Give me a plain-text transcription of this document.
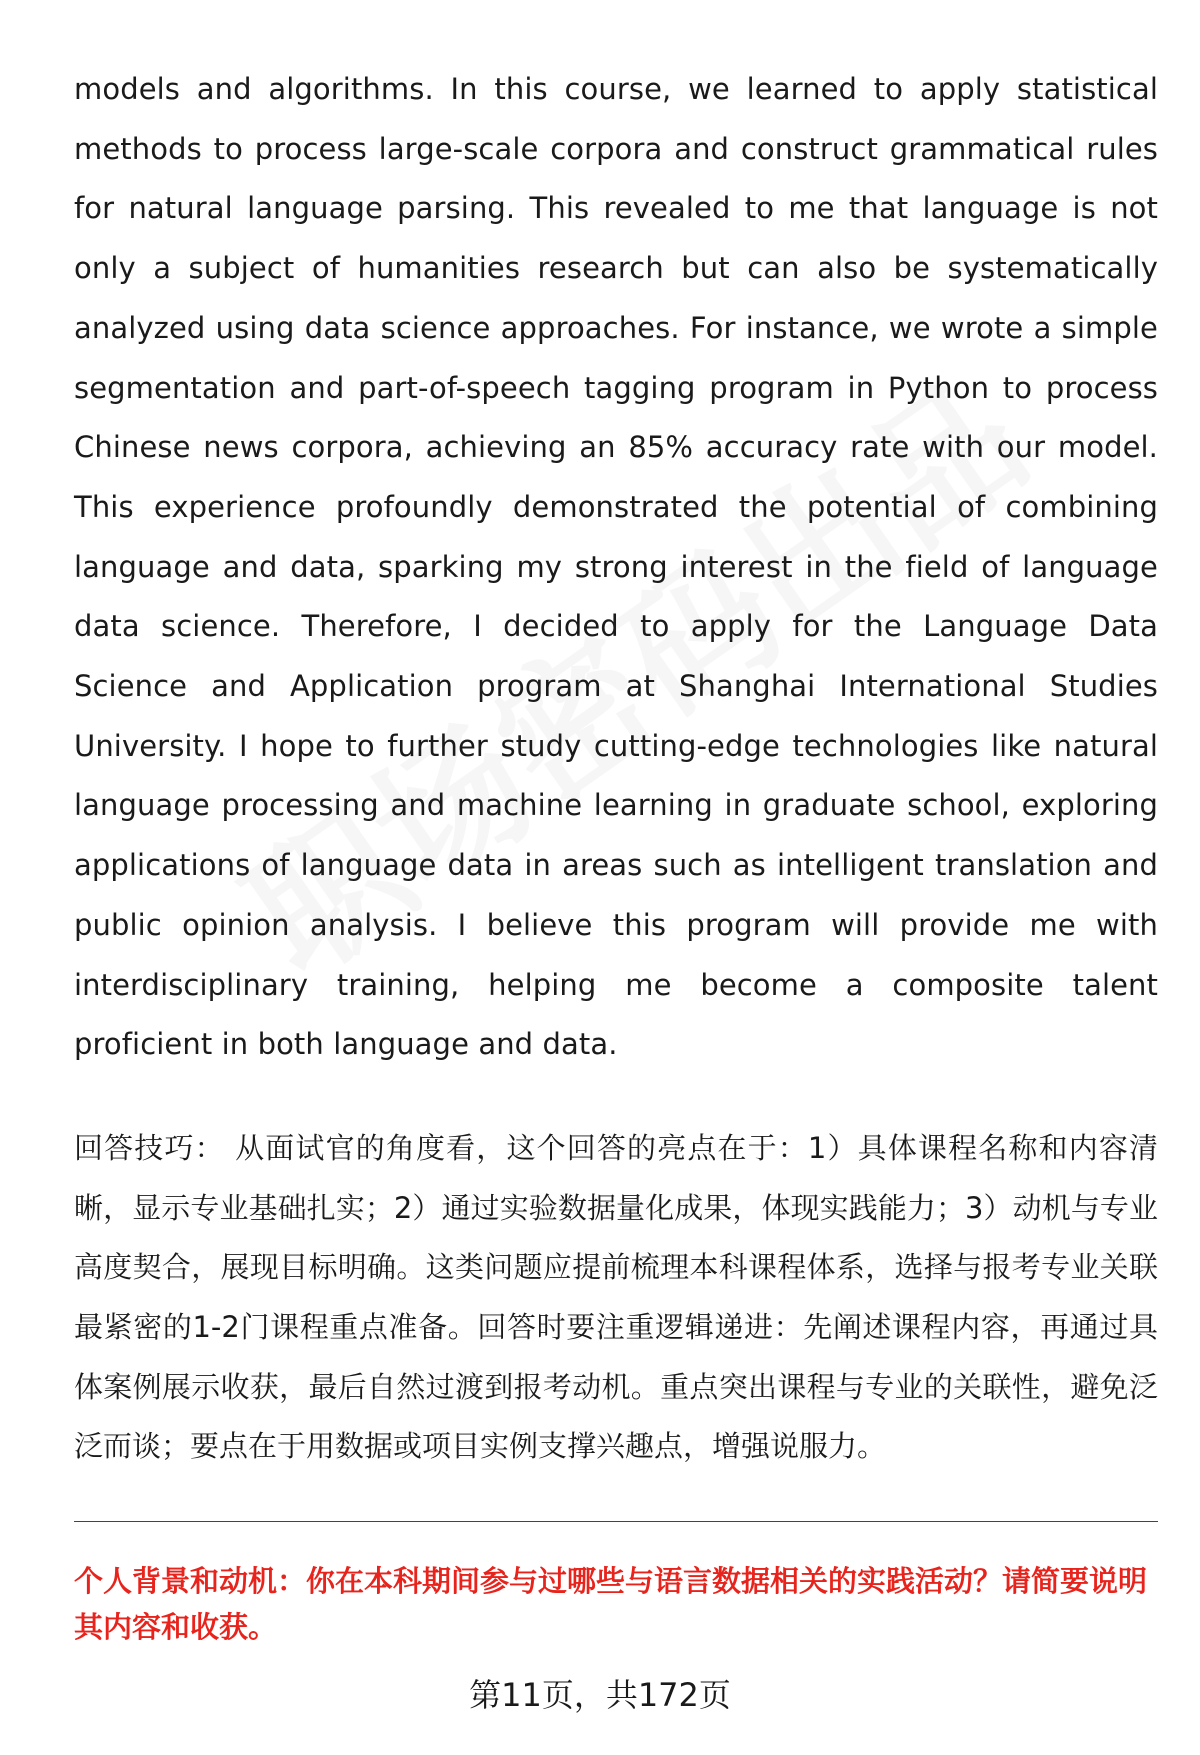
models and algorithms. In this course, we learned to apply statistical methods to process large-scale corpora and construct grammatical rules for natural language parsing. This revealed to me that language is not only a subject of humanities research but can also be systematically analyzed using data science approaches. For instance, we wrote a simple segmentation and part-of-speech tagging program in Python to process Chinese news corpora, achieving an 85% accuracy rate with our model. This experience profoundly demonstrated the potential of combining language and data, sparking my strong interest in the field of language data science. Therefore, I decided to apply for the Language Data Science and Application program at Shanghai International Studies University. I hope to further study cutting-edge technologies like natural language processing and machine learning in graduate school, exploring applications of language data in areas such as intelligent translation and public opinion analysis. I believe this program will provide me with interdisciplinary training, helping me become a composite talent proficient in both language and data.

回答技巧： 从面试官的角度看，这个回答的亮点在于：1）具体课程名称和内容清晰，显示专业基础扎实；2）通过实验数据量化成果，体现实践能力；3）动机与专业高度契合，展现目标明确。这类问题应提前梳理本科课程体系，选择与报考专业关联最紧密的1-2门课程重点准备。回答时要注重逻辑递进：先阐述课程内容，再通过具体案例展示收获，最后自然过渡到报考动机。重点突出课程与专业的关联性，避免泛泛而谈；要点在于用数据或项目实例支撑兴趣点，增强说服力。
个人背景和动机：你在本科期间参与过哪些与语言数据相关的实践活动？请简要说明其内容和收获。
第11页，共172页
